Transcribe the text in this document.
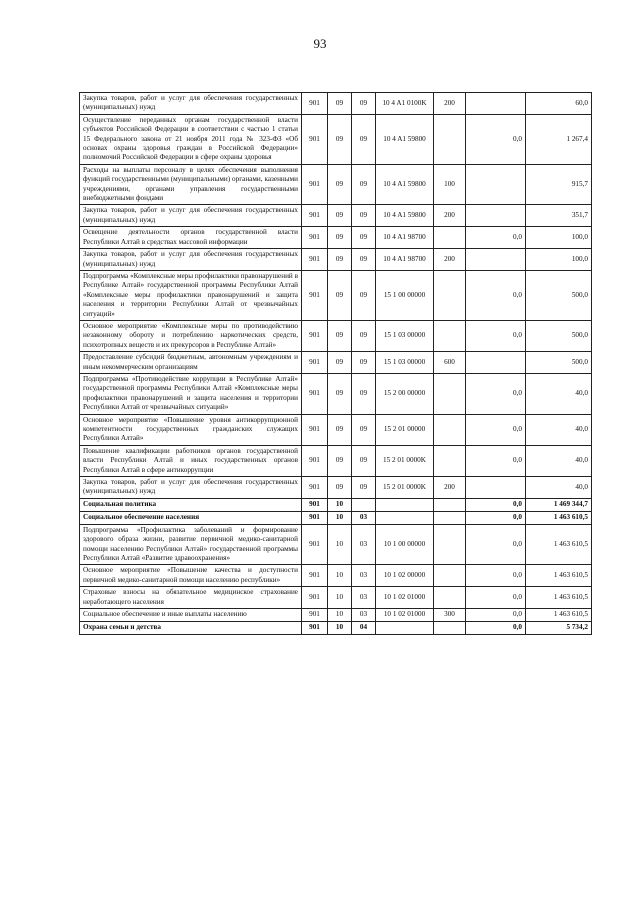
93
Закупка товаров, работ и услуг для обеспечения государственных (муниципальных) нужд	901	09	09	10 4 A1 0100K	200		60,0
Осуществление переданных органам государственной власти субъектов Российской Федерации в соответствии с частью 1 статьи 15 Федерального закона от 21 ноября 2011 года № 323-ФЗ «Об основах охраны здоровья граждан в Российской Федерации» полномочий Российской Федерации в сфере охраны здоровья	901	09	09	10 4 A1 59800		0,0	1 267,4
Расходы на выплаты персоналу в целях обеспечения выполнения функций государственными (муниципальными) органами, казенными учреждениями, органами управления государственными внебюджетными фондами	901	09	09	10 4 A1 59800	100		915,7
Закупка товаров, работ и услуг для обеспечения государственных (муниципальных) нужд	901	09	09	10 4 A1 59800	200		351,7
Освещение деятельности органов государственной власти Республики Алтай в средствах массовой информации	901	09	09	10 4 A1 98700		0,0	100,0
Закупка товаров, работ и услуг для обеспечения государственных (муниципальных) нужд	901	09	09	10 4 A1 98700	200		100,0
Подпрограмма «Комплексные меры профилактики правонарушений в Республике Алтай» государственной программы Республики Алтай «Комплексные меры профилактики правонарушений и защита населения и территории Республики Алтай от чрезвычайных ситуаций»	901	09	09	15 1 00 00000		0,0	500,0
Основное мероприятие «Комплексные меры по противодействию незаконному обороту и потреблению наркотических средств, психотропных веществ и их прекурсоров в Республике Алтай»	901	09	09	15 1 03 00000		0,0	500,0
Предоставление субсидий бюджетным, автономным учреждениям и иным некоммерческим организациям	901	09	09	15 1 03 00000	600		500,0
Подпрограмма «Противодействие коррупции в Республике Алтай» государственной программы Республики Алтай «Комплексные меры профилактики правонарушений и защита населения и территории Республики Алтай от чрезвычайных ситуаций»	901	09	09	15 2 00 00000		0,0	40,0
Основное мероприятие «Повышение уровня антикоррупционной компетентности государственных гражданских служащих Республики Алтай»	901	09	09	15 2 01 00000		0,0	40,0
Повышение квалификации работников органов государственной власти Республики Алтай и иных государственных органов Республики Алтай в сфере антикоррупции	901	09	09	15 2 01 0000K		0,0	40,0
Закупка товаров, работ и услуг для обеспечения государственных (муниципальных) нужд	901	09	09	15 2 01 0000K	200		40,0
Социальная политика	901	10				0,0	1 469 344,7
Социальное обеспечение населения	901	10	03			0,0	1 463 610,5
Подпрограмма «Профилактика заболеваний и формирование здорового образа жизни, развитие первичной медико-санитарной помощи населению Республики Алтай» государственной программы Республики Алтай «Развитие здравоохранения»	901	10	03	10 1 00 00000		0,0	1 463 610,5
Основное мероприятие «Повышение качества и доступности первичной медико-санитарной помощи населению республики»	901	10	03	10 1 02 00000		0,0	1 463 610,5
Страховые взносы на обязательное медицинское страхование неработающего населения	901	10	03	10 1 02 01000		0,0	1 463 610,5
Социальное обеспечение и иные выплаты населению	901	10	03	10 1 02 01000	300	0,0	1 463 610,5
Охрана семьи и детства	901	10	04			0,0	5 734,2
